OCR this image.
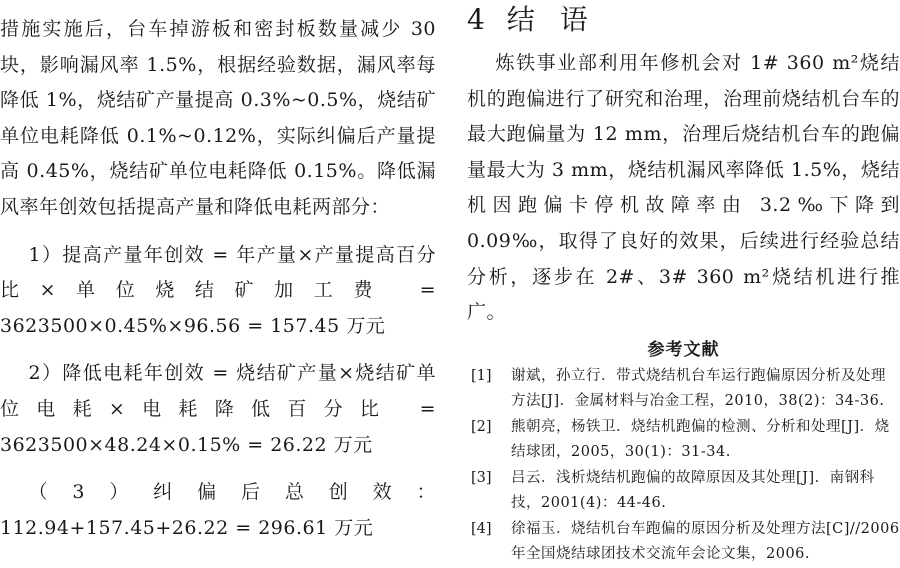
措施实施后，台车掉游板和密封板数量减少 30 块，影响漏风率 1.5%，根据经验数据，漏风率每降低 1%，烧结矿产量提高 0.3%~0.5%，烧结矿单位电耗降低 0.1%~0.12%，实际纠偏后产量提高 0.45%，烧结矿单位电耗降低 0.15%。降低漏风率年创效包括提高产量和降低电耗两部分：

1）提高产量年创效 = 年产量×产量提高百分比×单位烧结矿加工费 = 3623500×0.45%×96.56 = 157.45 万元

2）降低电耗年创效 = 烧结矿产量×烧结矿单位电耗×电耗降低百分比 = 3623500×48.24×0.15% = 26.22 万元

（3）纠偏后总创效：112.94+157.45+26.22 = 296.61 万元

4 结 语

炼铁事业部利用年修机会对 1# 360 m²烧结机的跑偏进行了研究和治理，治理前烧结机台车的最大跑偏量为 12 mm，治理后烧结机台车的跑偏量最大为 3 mm，烧结机漏风率降低 1.5%，烧结机因跑偏卡停机故障率由 3.2‰下降到 0.09‰，取得了良好的效果，后续进行经验总结分析，逐步在 2#、3# 360 m²烧结机进行推广。

参考文献
[1]	谢斌，孙立行．带式烧结机台车运行跑偏原因分析及处理方法[J]．金属材料与冶金工程，2010，38(2)：34-36.
[2]	熊朝亮，杨铁卫．烧结机跑偏的检测、分析和处理[J]．烧结球团，2005，30(1)：31-34.
[3]	吕云．浅析烧结机跑偏的故障原因及其处理[J]．南钢科技，2001(4)：44-46.
[4]	徐福玉．烧结机台车跑偏的原因分析及处理方法[C]//2006 年全国烧结球团技术交流年会论文集，2006.
